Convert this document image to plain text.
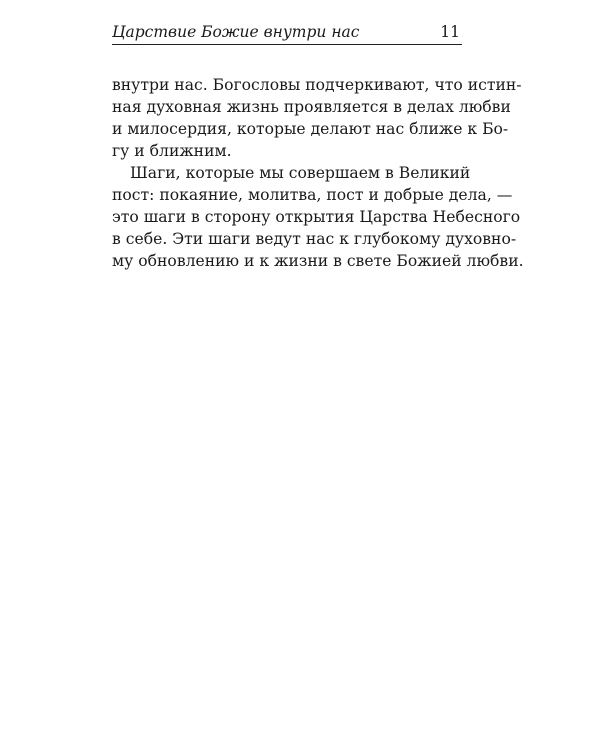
Царствие Божие внутри нас	11
внутри нас. Богословы подчеркивают, что истин-
ная духовная жизнь проявляется в делах любви
и милосердия, которые делают нас ближе к Бо-
гу и ближним.
Шаги, которые мы совершаем в Великий
пост: покаяние, молитва, пост и добрые дела, —
это шаги в сторону открытия Царства Небесного
в себе. Эти шаги ведут нас к глубокому духовно-
му обновлению и к жизни в свете Божией любви.
